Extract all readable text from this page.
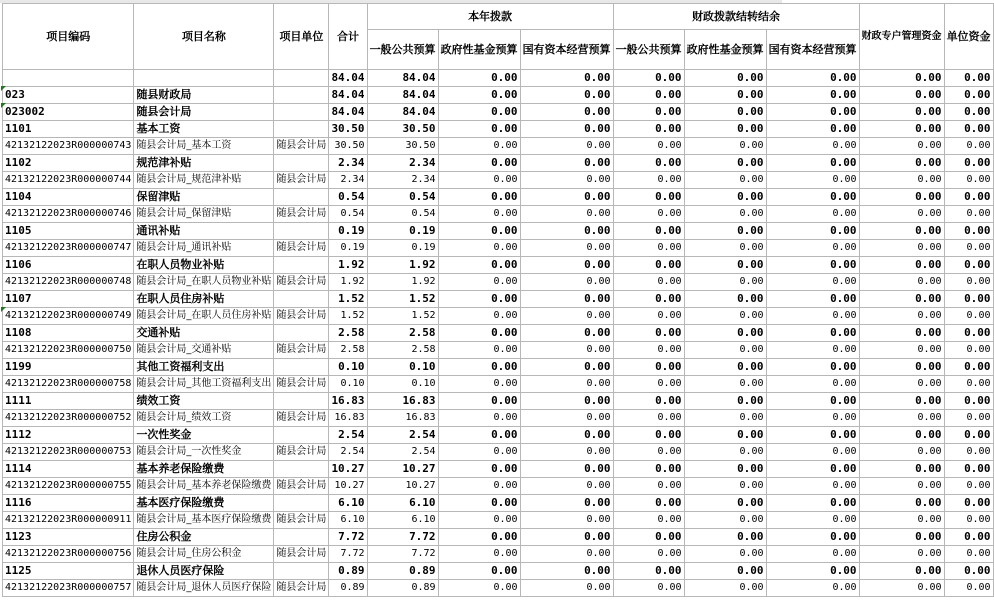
项目编码	项目名称	项目单位	合计	本年拨款			财政拨款结转结余			财政专户管理资金	单位资金
				一般公共预算	政府性基金预算	国有资本经营预算	一般公共预算	政府性基金预算	国有资本经营预算		
			84.04	84.04	0.00	0.00	0.00	0.00	0.00	0.00	0.00
023	随县财政局		84.04	84.04	0.00	0.00	0.00	0.00	0.00	0.00	0.00
023002	随县会计局		84.04	84.04	0.00	0.00	0.00	0.00	0.00	0.00	0.00
1101	基本工资		30.50	30.50	0.00	0.00	0.00	0.00	0.00	0.00	0.00
42132122023R000000743	随县会计局_基本工资	随县会计局	30.50	30.50	0.00	0.00	0.00	0.00	0.00	0.00	0.00
1102	规范津补贴		2.34	2.34	0.00	0.00	0.00	0.00	0.00	0.00	0.00
42132122023R000000744	随县会计局_规范津补贴	随县会计局	2.34	2.34	0.00	0.00	0.00	0.00	0.00	0.00	0.00
1104	保留津贴		0.54	0.54	0.00	0.00	0.00	0.00	0.00	0.00	0.00
42132122023R000000746	随县会计局_保留津贴	随县会计局	0.54	0.54	0.00	0.00	0.00	0.00	0.00	0.00	0.00
1105	通讯补贴		0.19	0.19	0.00	0.00	0.00	0.00	0.00	0.00	0.00
42132122023R000000747	随县会计局_通讯补贴	随县会计局	0.19	0.19	0.00	0.00	0.00	0.00	0.00	0.00	0.00
1106	在职人员物业补贴		1.92	1.92	0.00	0.00	0.00	0.00	0.00	0.00	0.00
42132122023R000000748	随县会计局_在职人员物业补贴	随县会计局	1.92	1.92	0.00	0.00	0.00	0.00	0.00	0.00	0.00
1107	在职人员住房补贴		1.52	1.52	0.00	0.00	0.00	0.00	0.00	0.00	0.00
42132122023R000000749	随县会计局_在职人员住房补贴	随县会计局	1.52	1.52	0.00	0.00	0.00	0.00	0.00	0.00	0.00
1108	交通补贴		2.58	2.58	0.00	0.00	0.00	0.00	0.00	0.00	0.00
42132122023R000000750	随县会计局_交通补贴	随县会计局	2.58	2.58	0.00	0.00	0.00	0.00	0.00	0.00	0.00
1199	其他工资福利支出		0.10	0.10	0.00	0.00	0.00	0.00	0.00	0.00	0.00
42132122023R000000758	随县会计局_其他工资福利支出	随县会计局	0.10	0.10	0.00	0.00	0.00	0.00	0.00	0.00	0.00
1111	绩效工资		16.83	16.83	0.00	0.00	0.00	0.00	0.00	0.00	0.00
42132122023R000000752	随县会计局_绩效工资	随县会计局	16.83	16.83	0.00	0.00	0.00	0.00	0.00	0.00	0.00
1112	一次性奖金		2.54	2.54	0.00	0.00	0.00	0.00	0.00	0.00	0.00
42132122023R000000753	随县会计局_一次性奖金	随县会计局	2.54	2.54	0.00	0.00	0.00	0.00	0.00	0.00	0.00
1114	基本养老保险缴费		10.27	10.27	0.00	0.00	0.00	0.00	0.00	0.00	0.00
42132122023R000000755	随县会计局_基本养老保险缴费	随县会计局	10.27	10.27	0.00	0.00	0.00	0.00	0.00	0.00	0.00
1116	基本医疗保险缴费		6.10	6.10	0.00	0.00	0.00	0.00	0.00	0.00	0.00
42132122023R000000911	随县会计局_基本医疗保险缴费	随县会计局	6.10	6.10	0.00	0.00	0.00	0.00	0.00	0.00	0.00
1123	住房公积金		7.72	7.72	0.00	0.00	0.00	0.00	0.00	0.00	0.00
42132122023R000000756	随县会计局_住房公积金	随县会计局	7.72	7.72	0.00	0.00	0.00	0.00	0.00	0.00	0.00
1125	退休人员医疗保险		0.89	0.89	0.00	0.00	0.00	0.00	0.00	0.00	0.00
42132122023R000000757	随县会计局_退休人员医疗保险	随县会计局	0.89	0.89	0.00	0.00	0.00	0.00	0.00	0.00	0.00
